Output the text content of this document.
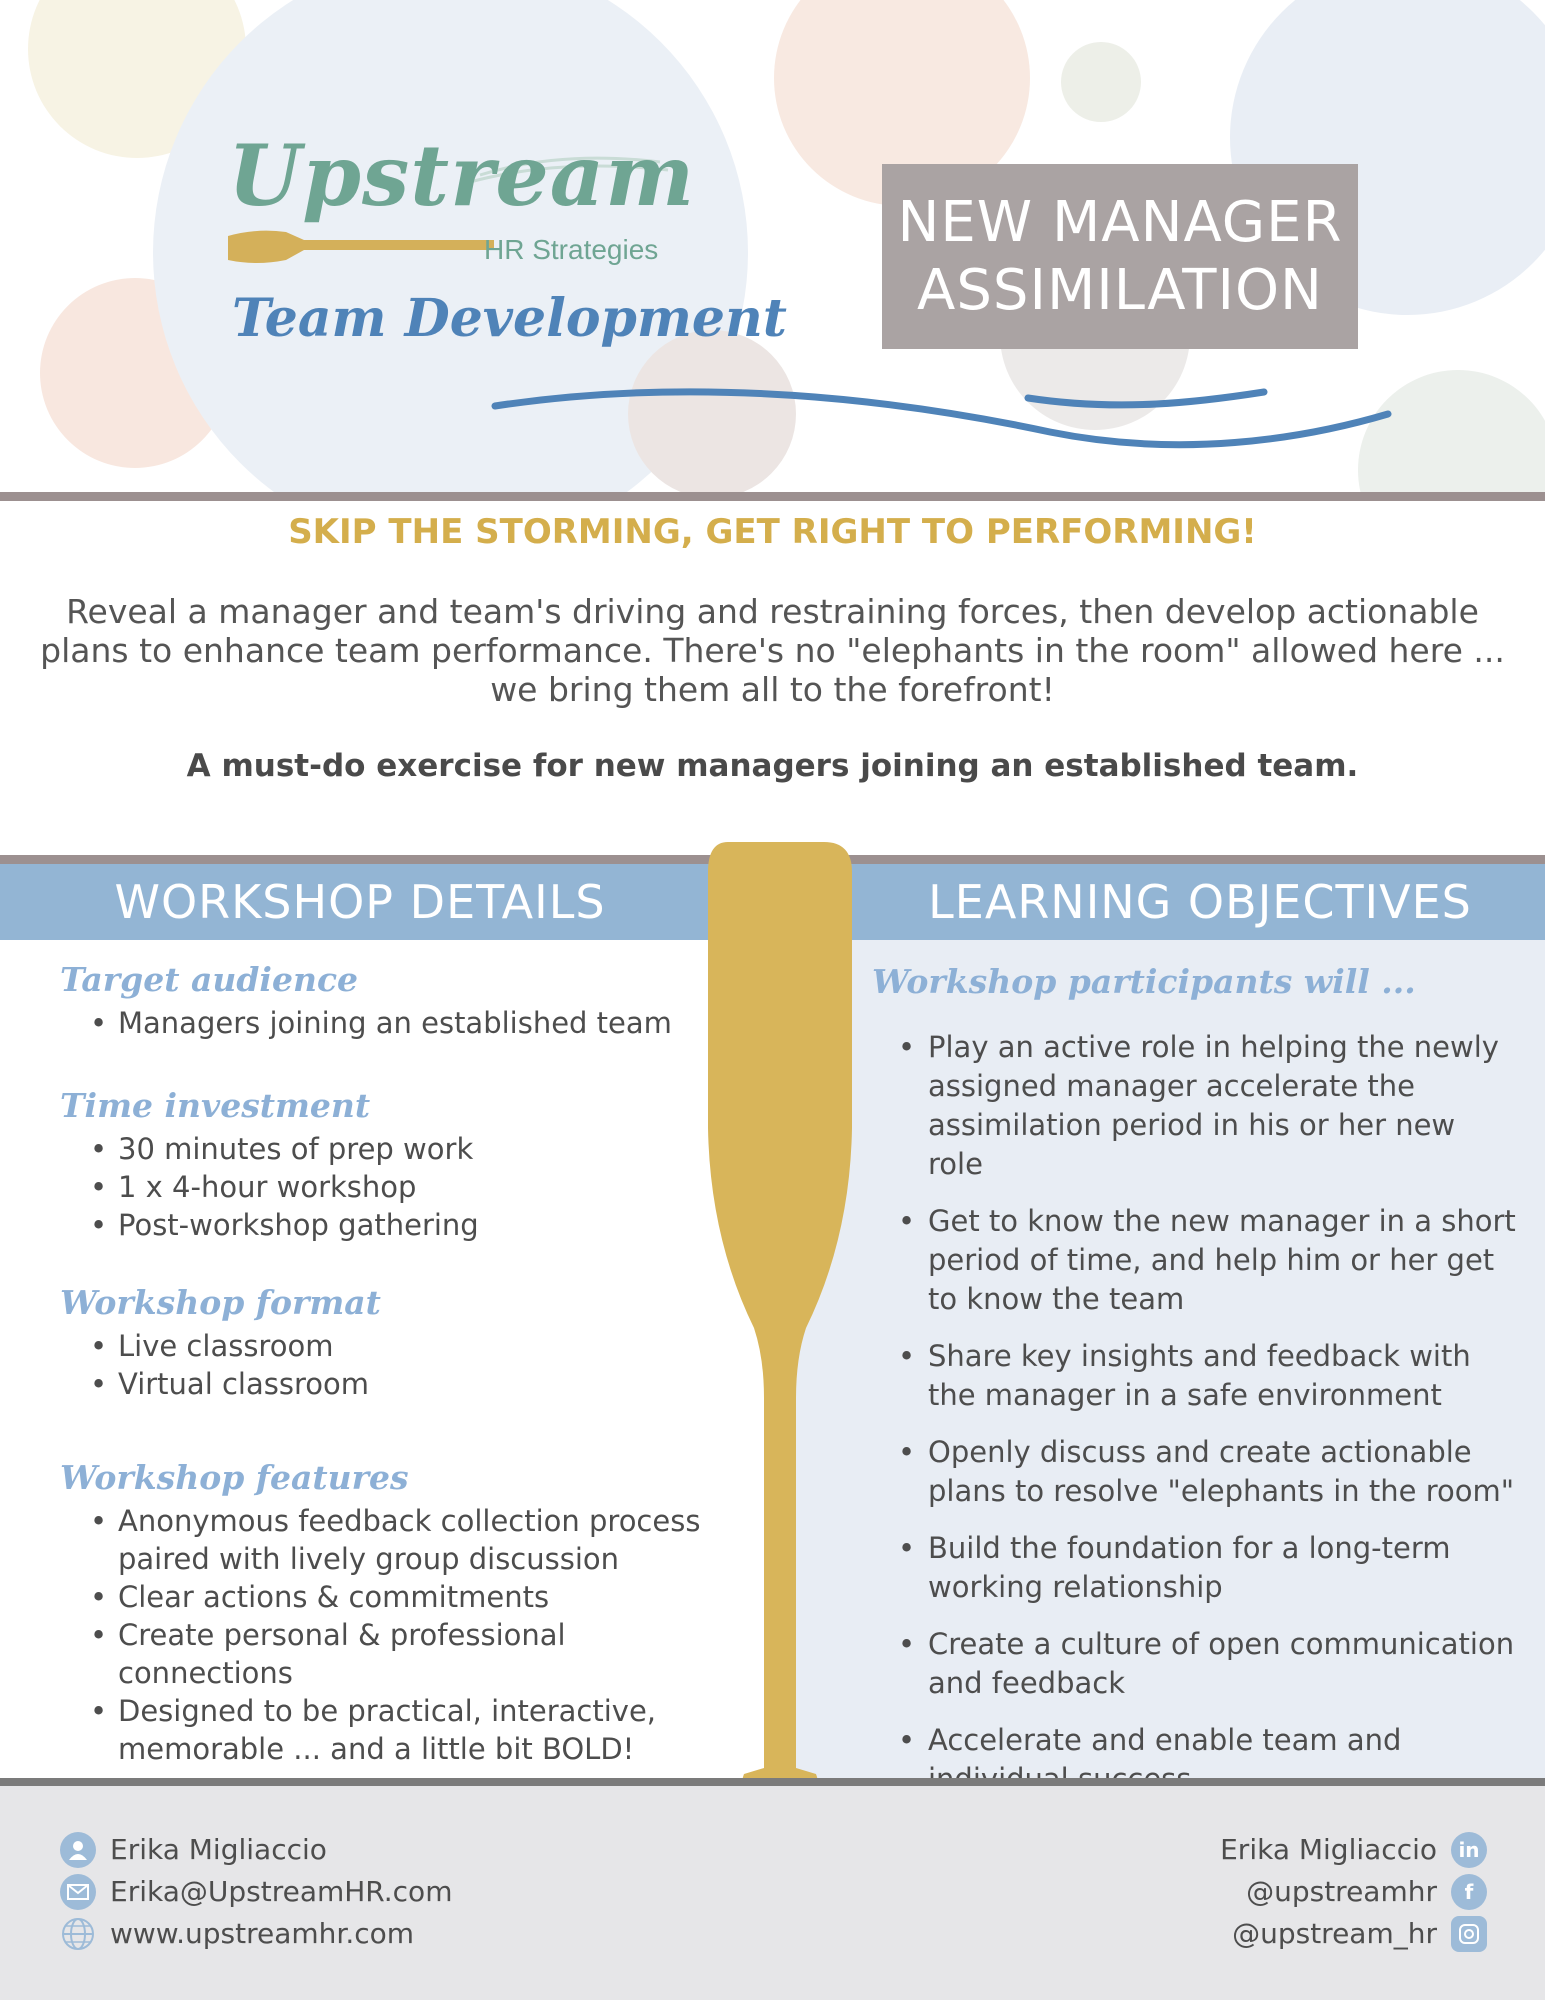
Upstream
HR Strategies
Team Development
NEW MANAGER
ASSIMILATION
SKIP THE STORMING, GET RIGHT TO PERFORMING!

Reveal a manager and team's driving and restraining forces, then develop actionable

plans to enhance team performance. There's no "elephants in the room" allowed here ...

we bring them all to the forefront!

A must-do exercise for new managers joining an established team.
WORKSHOP DETAILS	LEARNING OBJECTIVES
Target audience
• Managers joining an established team
Time investment
• 30 minutes of prep work
• 1 x 4-hour workshop
• Post-workshop gathering
Workshop format
• Live classroom
• Virtual classroom
Workshop features
• Anonymous feedback collection process paired with lively group discussion
• Clear actions & commitments
• Create personal & professional connections
• Designed to be practical, interactive, memorable ... and a little bit BOLD!
Workshop participants will ...
• Play an active role in helping the newly assigned manager accelerate the assimilation period in his or her new role
• Get to know the new manager in a short period of time, and help him or her get to know the team
• Share key insights and feedback with the manager in a safe environment
• Openly discuss and create actionable plans to resolve "elephants in the room"
• Build the foundation for a long-term working relationship
• Create a culture of open communication and feedback
• Accelerate and enable team and
Erika Migliaccio
Erika@UpstreamHR.com
www.upstreamhr.com
Erika Migliaccio	in
@upstreamhr	f
@upstream_hr
